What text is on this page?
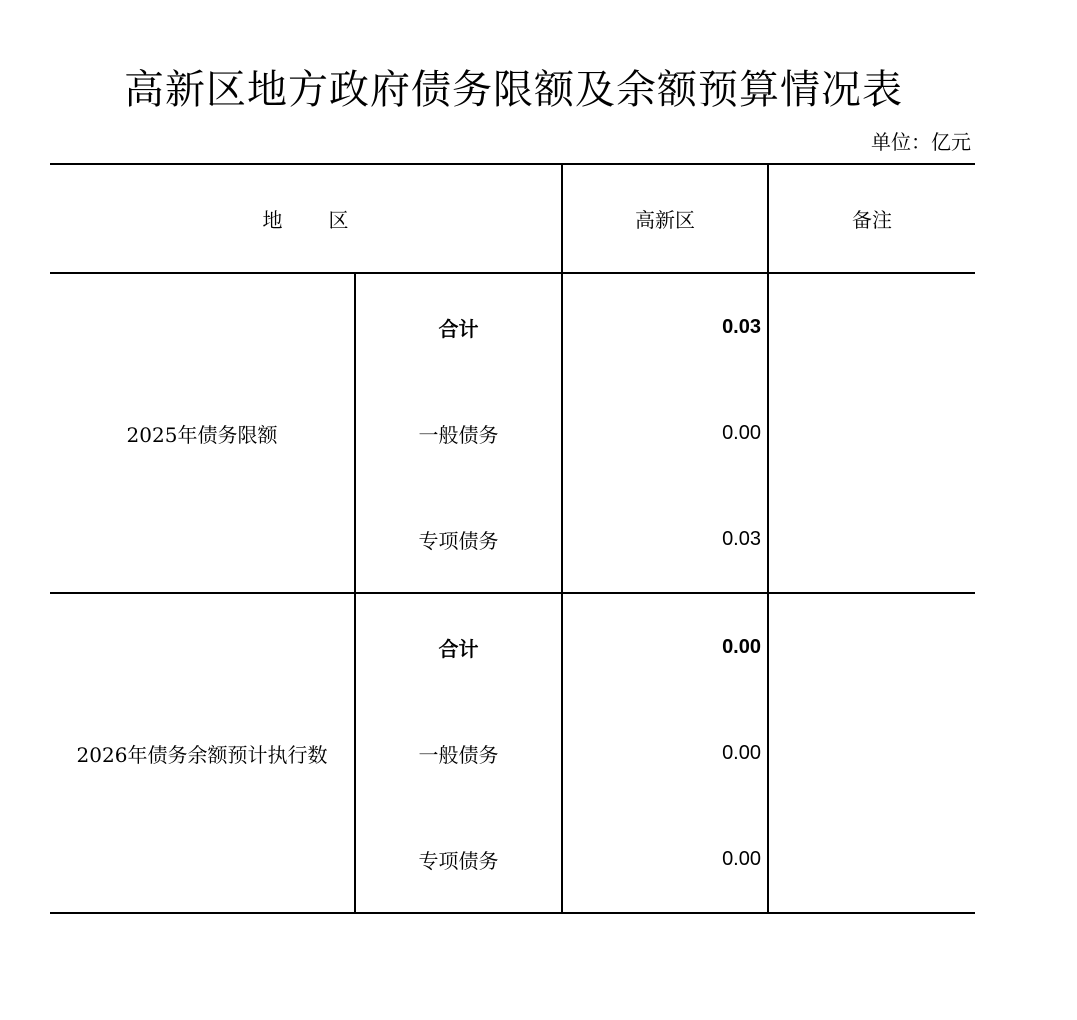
高新区地方政府债务限额及余额预算情况表
单位：亿元
地 区		高新区	备注
2025年债务限额	合计	0.03	
	一般债务	0.00	
	专项债务	0.03	
2026年债务余额预计执行数	合计	0.00	
	一般债务	0.00	
	专项债务	0.00	
